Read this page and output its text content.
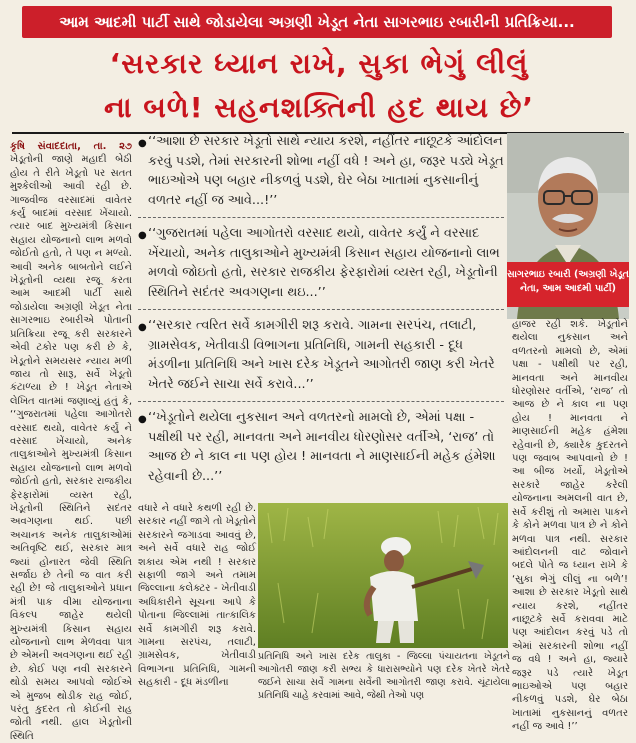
આમ આદમી પાર્ટી સાથે જોડાયેલા અગ્રણી ખેડૂત નેતા સાગરભાઇ રબારીની પ્રતિક્રિયા...
‘સરકાર ધ્યાન રાખે, સુકા ભેગું લીલું
ના બળે! સહનશક્તિની હદ થાય છે’
કૃષિ સંવાદદાતા, તા. ૨૭ ખેડૂતોની જાણે મહાદી બેઠી હોય તે રીતે ખેડૂતો પર સતત મુશ્કેલીઓ આવી રહી છે. ગાજવીજ વરસાદમાં વાવેતર કર્યું બાદમાં વરસાદ ખેંચાયો. ત્યાર બાદ મુખ્યમંત્રી કિસાન સહાય યોજનાનો લાભ મળવો જોઈતો હતો, તે પણ ન મળ્યો. આવી અનેક બાબતોને લઈને ખેડૂતોની વ્યથા રજૂ કરતા આમ આદમી પાર્ટી સાથે જોડાયેલા અગ્રણી ખેડૂત નેતા સાગરભાઇ રબારીએ પોતાની પ્રતિક્રિયા રજૂ કરી સરકારને એવી ટકોર પણ કરી છે કે, ખેડૂતોને સમયસર ન્યાય મળી જાય તો સારૂ, સર્વે ખેડૂતો કંટાળ્યા છે ! ખેડૂત નેતાએ લેખિત વાતમાં જણાવ્યું હતું કે, ‘‘ગુજરાતમાં પહેલા આગોતરો વરસાદ થયો, વાવેતર કર્યું ને વરસાદ ખેંચાયો, અનેક તાલુકાઓને મુખ્યમંત્રી કિસાન સહાય યોજનાનો લાભ મળવો જોઈતો હતો, સરકાર રાજકીય ફેરફારોમાં વ્યસ્ત રહી, ખેડૂતોની સ્થિતિને સદંતર અવગણના થઈ. પછી અચાનક અનેક તાલુકાઓમાં અતિવૃષ્ટિ થઈ, સરકાર માત્ર જ્યાં હોનારત જેવી સ્થિતિ સર્જાઇ છે તેની જ વાત કરી રહી છે! જે તાલુકાઓને પ્રધાન મંત્રી પાક વીમા યોજનાના વિકલ્પ જાહેર થયેલી મુખ્યમંત્રી કિસાન સહાય યોજનાનો લાભ મેળવવા પાત્ર છે એમની અવગણના થઈ રહી છે. કોઈ પણ નવી સરકારને થોડો સમય આપવો જોઈએ એ મુજબ થોડીક રાહ જોઈ, પરંતુ કુદરત તો કોઈની રાહ જોતી નથી. હાલ ખેડૂતોની સ્થિતિ
● ‘‘આશા છે સરકાર ખેડૂતો સાથે ન્યાય કરશે, નહીંતર નાછૂટકે આંદોલન કરવું પડશે, તેમાં સરકારની શોભા નહીં વધે ! અને હા, જરૂર પડ્યે ખેડૂત ભાઇઓએ પણ બહાર નીકળવું પડશે, ઘેર બેઠા ખાતામાં નુકસાનીનું વળતર નહીં જ આવે...!’’

● ‘‘ગુજરાતમાં પહેલા આગોતરો વરસાદ થયો, વાવેતર કર્યું ને વરસાદ ખેંચાયો, અનેક તાલુકાઓને મુખ્યમંત્રી કિસાન સહાય યોજનાનો લાભ મળવો જોઇતો હતો, સરકાર રાજકીય ફેરફારોમાં વ્યસ્ત રહી, ખેડૂતોની સ્થિતિને સદંતર અવગણના થઇ...’’

● ‘‘સરકાર ત્વરિત સર્વે કામગીરી શરૂ કરાવે. ગામના સરપંચ, તલાટી, ગ્રામસેવક, ખેતીવાડી વિભાગના પ્રતિનિધિ, ગામની સહકારી - દૂધ મંડળીના પ્રતિનિધિ અને ખાસ દરેક ખેડૂતને આગોતરી જાણ કરી ખેતરે ખેતરે જઈને સાચા સર્વે કરાવે...’’

● ‘‘ખેડૂતોને થયેલા નુકસાન અને વળતરનો મામલો છે, એમાં પક્ષા - પક્ષીથી પર રહી, માનવતા અને માનવીય ધોરણોસર વર્તીએ, ‘રાજ’ તો આજ છે ને કાલ ના પણ હોય ! માનવતા ને માણસાઈની મહેક હંમેશા રહેવાની છે...’’

સાગરભાઇ રબારી (અગ્રણી ખેડૂત
નેતા, આમ આદમી પાર્ટી)
હાજર રહી શકે. ખેડૂતોને થયેલા નુકસાન અને વળતરનો મામલો છે, એમાં પક્ષા - પક્ષીથી પર રહી, માનવતા અને માનવીય ધોરણોસર વર્તીએ, ‘રાજ’ તો આજ છે ને કાલ ના પણ હોય ! માનવતા ને માણસાઈની મહેક હંમેશા રહેવાની છે, ક્યારેક કુદરતને પણ જવાબ આપવાનો છે ! આ બીજ ખર્યો, ખેડૂતોએ સરકારે જાહેર કરેલી યોજનાના અમલની વાત છે, સર્વે કરીશું તો અમારા પાકને કે કોને મળવા પાત્ર છે ને કોને મળવા પાત્ર નથી. સરકાર આંદોલનની વાટ જોવાને બદલે પોતે જ ધ્યાન રાખે કે ‘સુકા ભેગું લીલું ના બળે’! આશા છે સરકાર ખેડૂતો સાથે ન્યાય કરશે, નહીંતર નાછૂટકે સર્વે કરાવવા માટે પણ આંદોલન કરવું પડે તો એમાં સરકારની શોભા નહીં જ વધે ! અને હા, જ્યારે જરૂર પડે ત્યારે ખેડૂત ભાઇઓએ પણ બહાર નીકળવું પડશે, ઘેર બેઠા ખાતામાં નુકસાનનું વળતર નહીં જ આવે !’’
વધારે ને વધારે કથળી રહી છે. સરકાર નહીં જાગે તો ખેડૂતોને સરકારને જગાડવા આવવું છે, અને સર્વે વધારે રાહ જોઈ શકાય એમ નથી ! સરકાર સફાળી જાગે અને તમામ જિલ્લાના કલેક્ટર - ખેતીવાડી અધિકારીને સૂચના આપે કે પોતાના જિલ્લામાં તાત્કાલિક સર્વે કામગીરી શરૂ કરાવે. ગામના સરપંચ, તલાટી, ગ્રામસેવક, ખેતીવાડી વિભાગના પ્રતિનિધિ, ગામની સહકારી - દૂધ મંડળીના
પ્રતિનિધિ અને ખાસ દરેક તાલુકા - જિલ્લા પંચાયતના ખેડૂતને આગોતરી જાણ કરી સભ્ય કે ધારાસભ્યોને પણ દરેક ખેતરે ખેતરે જઈને સાચા સર્વે ગામના સર્વેની આગોતરી જાણ કરાવે. ચૂંટાયેલા પ્રતિનિધિ ચાહે કરવામાં આવે, જેથી તેઓ પણ
